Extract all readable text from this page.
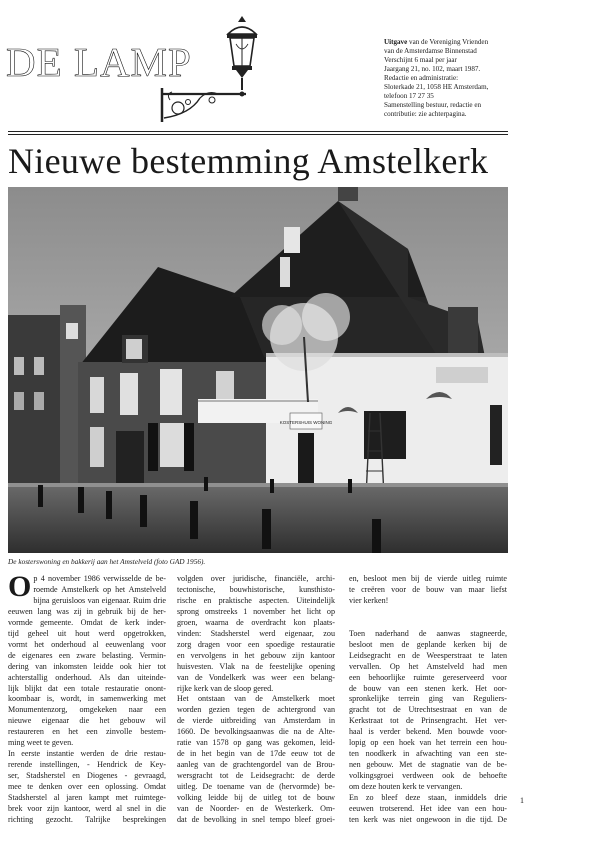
DE LAMP	Uitgave van de Vereniging Vrienden
van de Amsterdamse Binnenstad
Verschijnt 6 maal per jaar
Jaargang 21, no. 102, maart 1987.
Redactie en administratie:
Sloterkade 21, 1058 HE Amsterdam,
telefoon 17 27 35
Samenstelling bestuur, redactie en
contributie: zie achterpagina.
Nieuwe bestemming Amstelkerk
KOSTERSHUIS WONING
De kosterswoning en bakkerij aan het Amstelveld (foto GAD 1956).
O p 4 november 1986 verwisselde de be-
roemde Amstelkerk op het Amstelveld
bijna geruisloos van eigenaar. Ruim drie
eeuwen lang was zij in gebruik bij de her-
vormde gemeente. Omdat de kerk inder-
tijd geheel uit hout werd opgetrokken,
vormt het onderhoud al eeuwenlang voor
de eigenares een zware belasting. Vermin-
dering van inkomsten leidde ook hier tot
achterstallig onderhoud. Als dan uiteinde-
lijk blijkt dat een totale restauratie onont-
koombaar is, wordt, in samenwerking met
Monumentenzorg, omgekeken naar een
nieuwe eigenaar die het gebouw wil
restaureren en het een zinvolle bestem-
ming weet te geven.
In eerste instantie werden de drie restau-
rerende instellingen, - Hendrick de Key-
ser, Stadsherstel en Diogenes - gevraagd,
mee te denken over een oplossing. Omdat
Stadsherstel al jaren kampt met ruimtege-
brek voor zijn kantoor, werd al snel in die
richting gezocht. Talrijke besprekingen
volgden over juridische, financiële, archi-
tectonische, bouwhistorische, kunsthisto-
rische en praktische aspecten. Uiteindelijk
sprong omstreeks 1 november het licht op
groen, waarna de overdracht kon plaats-
vinden: Stadsherstel werd eigenaar, zou
zorg dragen voor een spoedige restauratie
en vervolgens in het gebouw zijn kantoor
huisvesten. Vlak na de feestelijke opening
van de Vondelkerk was weer een belang-
rijke kerk van de sloop gered.
Het ontstaan van de Amstelkerk moet
worden gezien tegen de achtergrond van
de vierde uitbreiding van Amsterdam in
1660. De bevolkingsaanwas die na de Alte-
ratie van 1578 op gang was gekomen, leid-
de in het begin van de 17de eeuw tot de
aanleg van de grachtengordel van de Brou-
wersgracht tot de Leidsegracht: de derde
uitleg. De toename van de (hervormde) be-
volking leidde bij de uitleg tot de bouw
van de Noorder- en de Westerkerk. Om-
dat de bevolking in snel tempo bleef groei-
en, besloot men bij de vierde uitleg ruimte
te creëren voor de bouw van maar liefst
vier kerken!

Toen naderhand de aanwas stagneerde,
besloot men de geplande kerken bij de
Leidsegracht en de Weesperstraat te laten
vervallen. Op het Amstelveld had men
een behoorlijke ruimte gereserveerd voor
de bouw van een stenen kerk. Het oor-
spronkelijke terrein ging van Reguliers-
gracht tot de Utrechtsestraat en van de
Kerkstraat tot de Prinsengracht. Het ver-
haal is verder bekend. Men bouwde voor-
lopig op een hoek van het terrein een hou-
ten noodkerk in afwachting van een ste-
nen gebouw. Met de stagnatie van de be-
volkingsgroei verdween ook de behoefte
om deze houten kerk te vervangen.
En zo bleef deze staan, inmiddels drie
eeuwen trotserend. Het idee van een hou-
ten kerk was niet ongewoon in die tijd. De
1
